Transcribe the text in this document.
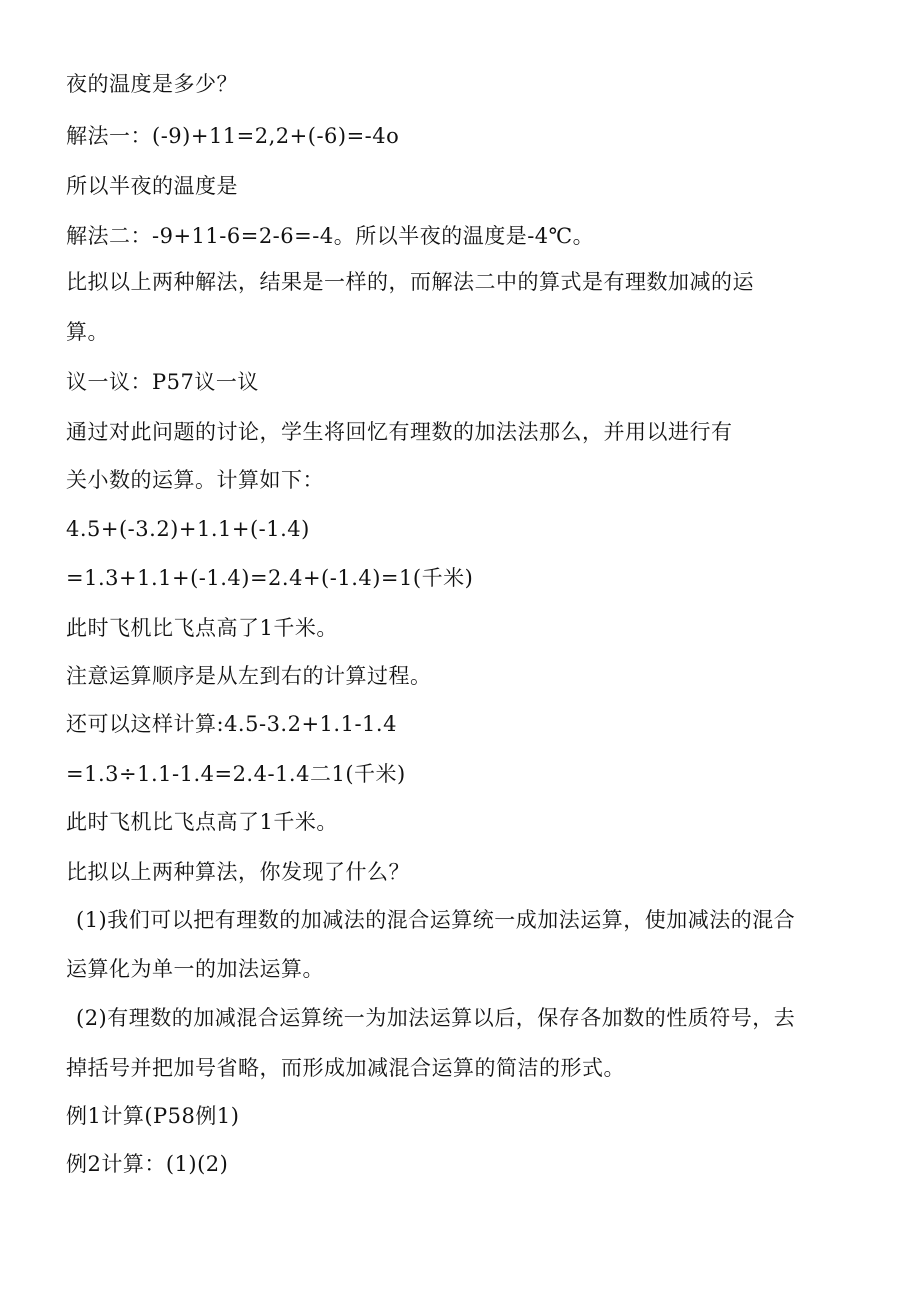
夜的温度是多少？
解法一：(-9)+11=2,2+(-6)=-4o
所以半夜的温度是
解法二：-9+11-6=2-6=-4。所以半夜的温度是-4℃。
比拟以上两种解法，结果是一样的，而解法二中的算式是有理数加减的运
算。
议一议：P57议一议
通过对此问题的讨论，学生将回忆有理数的加法法那么，并用以进行有
关小数的运算。计算如下：
4.5+(-3.2)+1.1+(-1.4)
=1.3+1.1+(-1.4)=2.4+(-1.4)=1(千米)
此时飞机比飞点高了1千米。
注意运算顺序是从左到右的计算过程。
还可以这样计算:4.5-3.2+1.1-1.4
=1.3÷1.1-1.4=2.4-1.4二1(千米)
此时飞机比飞点高了1千米。
比拟以上两种算法，你发现了什么？
(1)我们可以把有理数的加减法的混合运算统一成加法运算，使加减法的混合
运算化为单一的加法运算。
(2)有理数的加减混合运算统一为加法运算以后，保存各加数的性质符号，去
掉括号并把加号省略，而形成加减混合运算的简洁的形式。
例1计算(P58例1)
例2计算：(1)(2)
